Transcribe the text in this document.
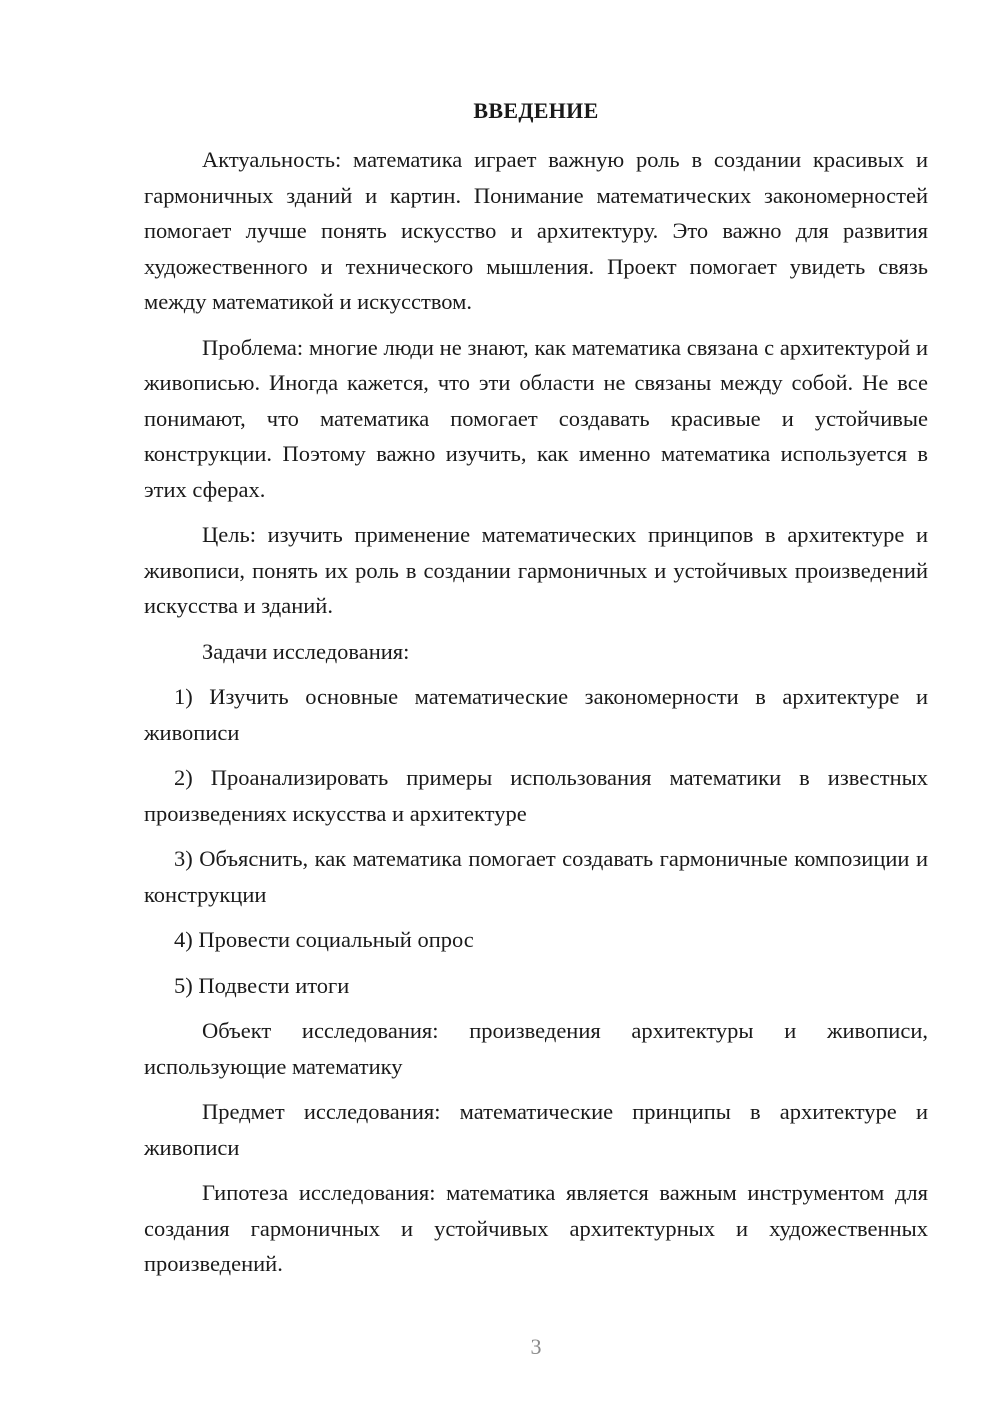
ВВЕДЕНИЕ

Актуальность: математика играет важную роль в создании красивых и гармоничных зданий и картин. Понимание математических закономерностей помогает лучше понять искусство и архитектуру. Это важно для развития художественного и технического мышления. Проект помогает увидеть связь между математикой и искусством.

Проблема: многие люди не знают, как математика связана с архитектурой и живописью. Иногда кажется, что эти области не связаны между собой. Не все понимают, что математика помогает создавать красивые и устойчивые конструкции. Поэтому важно изучить, как именно математика используется в этих сферах.

Цель: изучить применение математических принципов в архитектуре и живописи, понять их роль в создании гармоничных и устойчивых произведений искусства и зданий.

Задачи исследования:

1) Изучить основные математические закономерности в архитектуре и живописи

2) Проанализировать примеры использования математики в известных произведениях искусства и архитектуре

3) Объяснить, как математика помогает создавать гармоничные композиции и конструкции

4) Провести социальный опрос

5) Подвести итоги

Объект исследования: произведения архитектуры и живописи, использующие математику

Предмет исследования: математические принципы в архитектуре и живописи

Гипотеза исследования: математика является важным инструментом для создания гармоничных и устойчивых архитектурных и художественных произведений.

3
